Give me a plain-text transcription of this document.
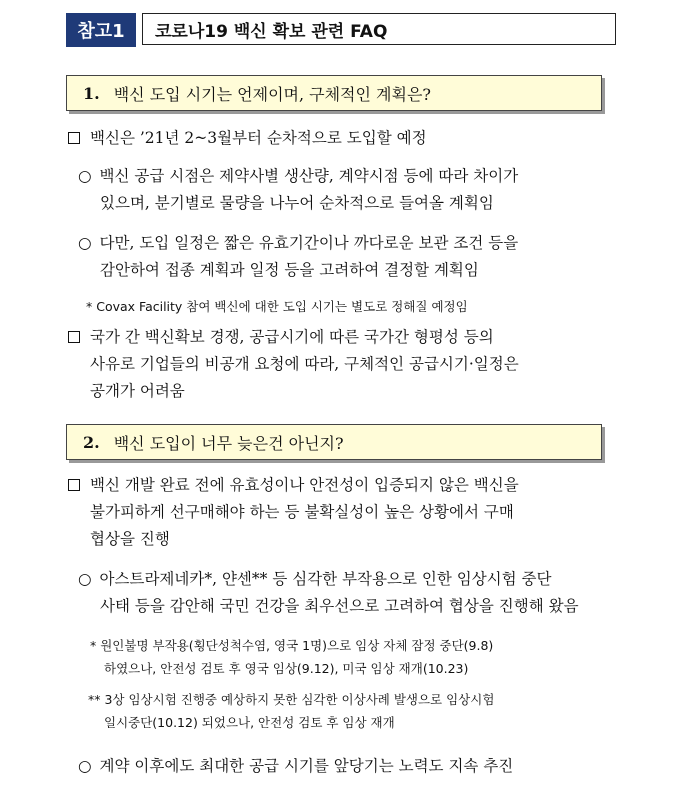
참고1	코로나19 백신 확보 관련 FAQ
1. 백신 도입 시기는 언제이며, 구체적인 계획은?
백신은 ’21년 2~3월부터 순차적으로 도입할 예정
○ 백신 공급 시점은 제약사별 생산량, 계약시점 등에 따라 차이가
있으며, 분기별로 물량을 나누어 순차적으로 들여올 계획임
○ 다만, 도입 일정은 짧은 유효기간이나 까다로운 보관 조건 등을
감안하여 접종 계획과 일정 등을 고려하여 결정할 계획임
* Covax Facility 참여 백신에 대한 도입 시기는 별도로 정해질 예정임
국가 간 백신확보 경쟁, 공급시기에 따른 국가간 형평성 등의
사유로 기업들의 비공개 요청에 따라, 구체적인 공급시기·일정은
공개가 어려움
2. 백신 도입이 너무 늦은건 아닌지?
백신 개발 완료 전에 유효성이나 안전성이 입증되지 않은 백신을
불가피하게 선구매해야 하는 등 불확실성이 높은 상황에서 구매
협상을 진행
○ 아스트라제네카*, 얀센** 등 심각한 부작용으로 인한 임상시험 중단
사태 등을 감안해 국민 건강을 최우선으로 고려하여 협상을 진행해 왔음
* 원인불명 부작용(횡단성척수염, 영국 1명)으로 임상 자체 잠정 중단(9.8)
하였으나, 안전성 검토 후 영국 임상(9.12), 미국 임상 재개(10.23)
** 3상 임상시험 진행중 예상하지 못한 심각한 이상사례 발생으로 임상시험
일시중단(10.12) 되었으나, 안전성 검토 후 임상 재개
○ 계약 이후에도 최대한 공급 시기를 앞당기는 노력도 지속 추진
